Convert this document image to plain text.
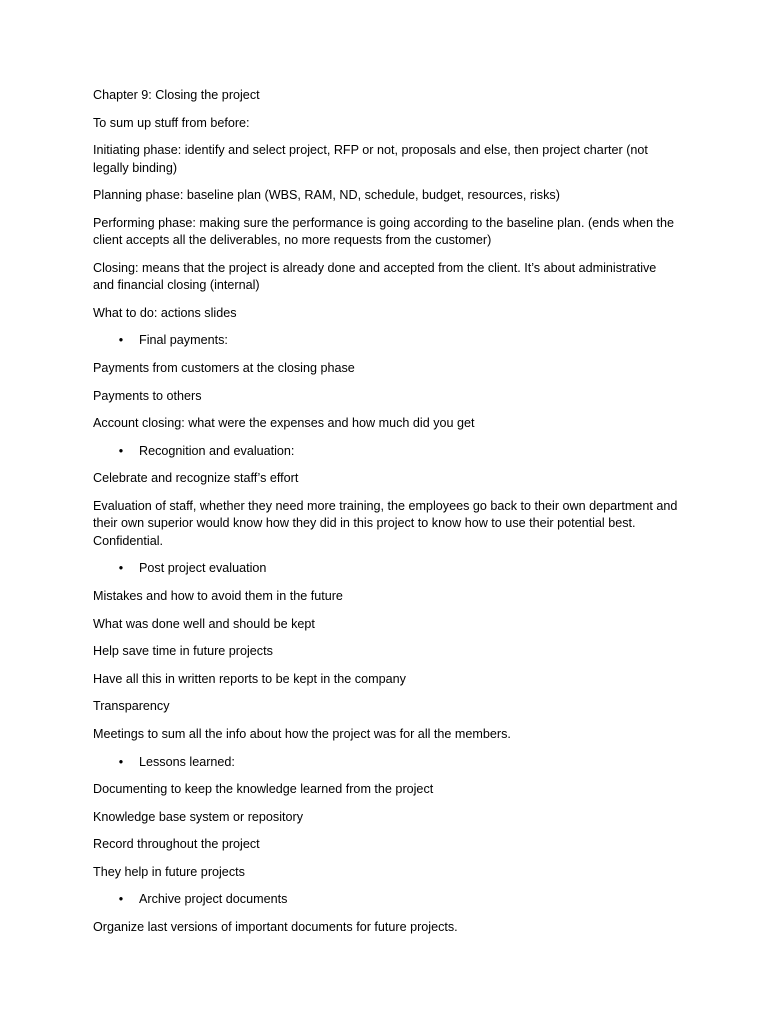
Chapter 9: Closing the project

To sum up stuff from before:

Initiating phase: identify and select project, RFP or not, proposals and else, then project charter (not legally binding)

Planning phase: baseline plan (WBS, RAM, ND, schedule, budget, resources, risks)

Performing phase: making sure the performance is going according to the baseline plan. (ends when the client accepts all the deliverables, no more requests from the customer)

Closing: means that the project is already done and accepted from the client. It’s about administrative and financial closing (internal)

What to do: actions slides

•	Final payments:

Payments from customers at the closing phase

Payments to others

Account closing: what were the expenses and how much did you get

•	Recognition and evaluation:

Celebrate and recognize staff’s effort

Evaluation of staff, whether they need more training, the employees go back to their own department and their own superior would know how they did in this project to know how to use their potential best. Confidential.

•	Post project evaluation

Mistakes and how to avoid them in the future

What was done well and should be kept

Help save time in future projects

Have all this in written reports to be kept in the company

Transparency

Meetings to sum all the info about how the project was for all the members.

•	Lessons learned:

Documenting to keep the knowledge learned from the project

Knowledge base system or repository

Record throughout the project

They help in future projects

•	Archive project documents

Organize last versions of important documents for future projects.
